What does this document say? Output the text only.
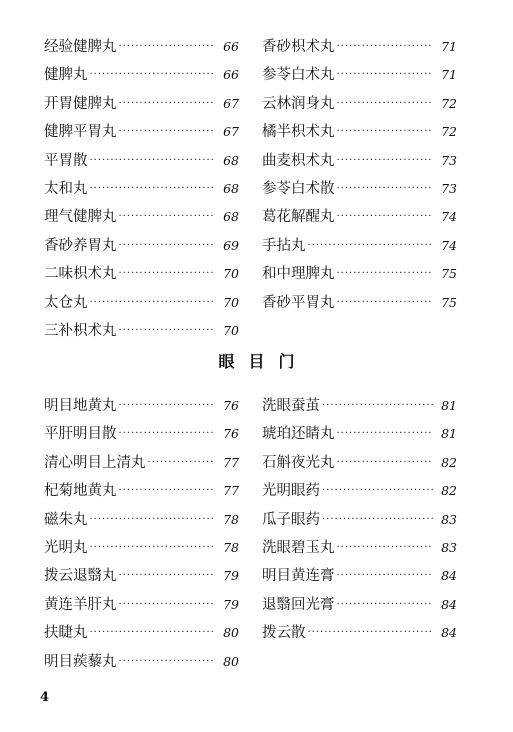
经验健脾丸 ·····	66
健脾丸 ·····	66
开胃健脾丸 ·····	67
健脾平胃丸 ·····	67
平胃散 ·····	68
太和丸 ·····	68
理气健脾丸 ·····	68
香砂养胃丸 ·····	69
二味枳术丸 ·····	70
太仓丸 ·····	70
三补枳术丸 ·····	70
香砂枳术丸 ·····	71
参苓白术丸 ·····	71
云林润身丸 ·····	72
橘半枳术丸 ·····	72
曲麦枳术丸 ·····	73
参苓白术散 ·····	73
葛花解醒丸 ·····	74
手拈丸 ·····	74
和中理脾丸 ·····	75
香砂平胃丸 ·····	75
眼目门
明目地黄丸 ·····	76
平肝明目散 ·····	76
清心明目上清丸 ·····	77
杞菊地黄丸 ·····	77
磁朱丸 ·····	78
光明丸 ·····	78
拨云退翳丸 ·····	79
黄连羊肝丸 ·····	79
扶睫丸 ·····	80
明目蒺藜丸 ·····	80
洗眼蚕茧 ·····	81
琥珀还睛丸 ·····	81
石斛夜光丸 ·····	82
光明眼药 ·····	82
瓜子眼药 ·····	83
洗眼碧玉丸 ·····	83
明目黄连膏 ·····	84
退翳回光膏 ·····	84
拨云散 ·····	84
4
